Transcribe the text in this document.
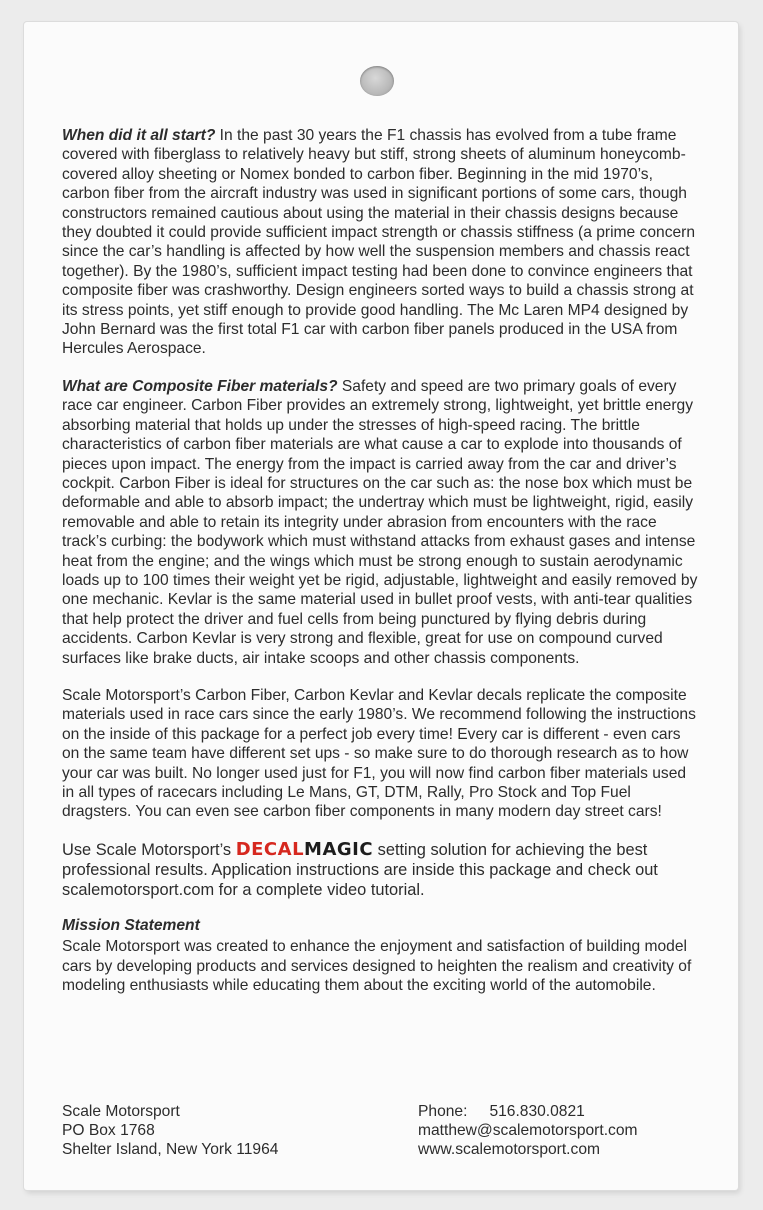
When did it all start? In the past 30 years the F1 chassis has evolved from a tube frame covered with fiberglass to relatively heavy but stiff, strong sheets of aluminum honeycomb-covered alloy sheeting or Nomex bonded to carbon fiber. Beginning in the mid 1970’s, carbon fiber from the aircraft industry was used in significant portions of some cars, though constructors remained cautious about using the material in their chassis designs because they doubted it could provide sufficient impact strength or chassis stiffness (a prime concern since the car’s handling is affected by how well the suspension members and chassis react together). By the 1980’s, sufficient impact testing had been done to convince engineers that composite fiber was crashworthy. Design engineers sorted ways to build a chassis strong at its stress points, yet stiff enough to provide good handling. The Mc Laren MP4 designed by John Bernard was the first total F1 car with carbon fiber panels produced in the USA from Hercules Aerospace.

What are Composite Fiber materials? Safety and speed are two primary goals of every race car engineer. Carbon Fiber provides an extremely strong, lightweight, yet brittle energy absorbing material that holds up under the stresses of high-speed racing. The brittle characteristics of carbon fiber materials are what cause a car to explode into thousands of pieces upon impact. The energy from the impact is carried away from the car and driver’s cockpit. Carbon Fiber is ideal for structures on the car such as: the nose box which must be deformable and able to absorb impact; the undertray which must be lightweight, rigid, easily removable and able to retain its integrity under abrasion from encounters with the race track’s curbing: the bodywork which must withstand attacks from exhaust gases and intense heat from the engine; and the wings which must be strong enough to sustain aerodynamic loads up to 100 times their weight yet be rigid, adjustable, lightweight and easily removed by one mechanic. Kevlar is the same material used in bullet proof vests, with anti-tear qualities that help protect the driver and fuel cells from being punctured by flying debris during accidents. Carbon Kevlar is very strong and flexible, great for use on compound curved surfaces like brake ducts, air intake scoops and other chassis components.

Scale Motorsport’s Carbon Fiber, Carbon Kevlar and Kevlar decals replicate the composite materials used in race cars since the early 1980’s. We recommend following the instructions on the inside of this package for a perfect job every time! Every car is different - even cars on the same team have different set ups - so make sure to do thorough research as to how your car was built. No longer used just for F1, you will now find carbon fiber materials used in all types of racecars including Le Mans, GT, DTM, Rally, Pro Stock and Top Fuel dragsters. You can even see carbon fiber components in many modern day street cars!

Use Scale Motorsport’s DECALMAGIC setting solution for achieving the best professional results. Application instructions are inside this package and check out scalemotorsport.com for a complete video tutorial.

Mission Statement

Scale Motorsport was created to enhance the enjoyment and satisfaction of building model cars by developing products and services designed to heighten the realism and creativity of modeling enthusiasts while educating them about the exciting world of the automobile.

Scale Motorsport
PO Box 1768
Shelter Island, New York 11964
Phone: 516.830.0821
matthew@scalemotorsport.com
www.scalemotorsport.com
